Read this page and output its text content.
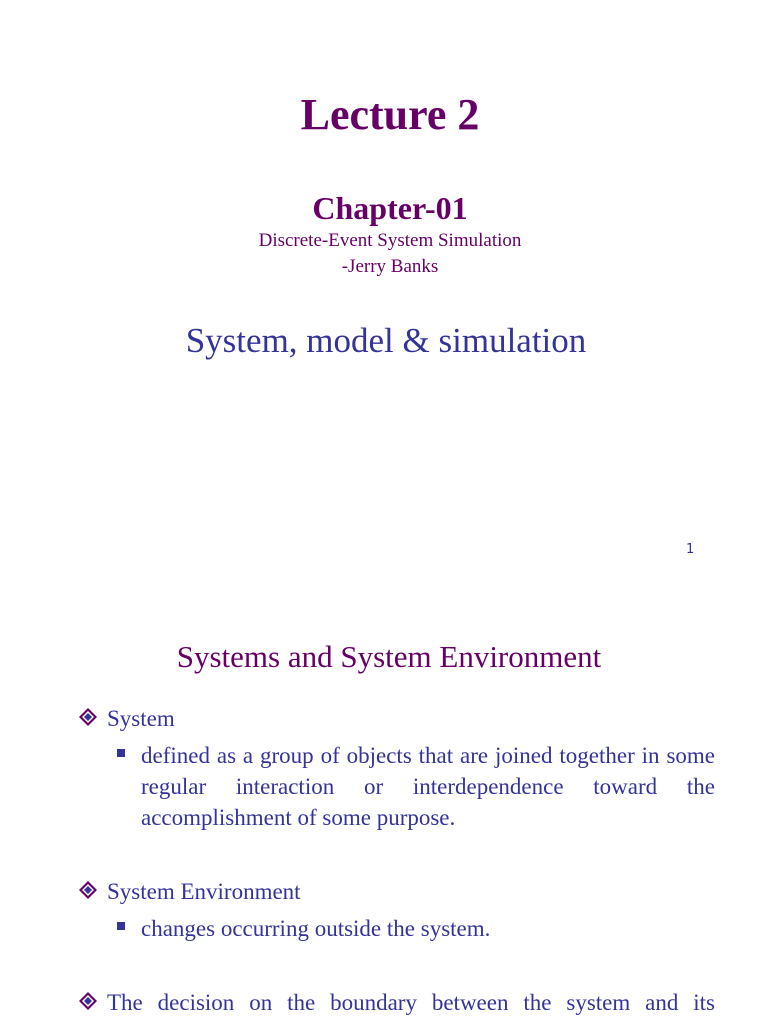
Lecture 2
Chapter-01
Discrete-Event System Simulation
-Jerry Banks
System, model & simulation
1
Systems and System Environment
System
defined as a group of objects that are joined together in some regular interaction or interdependence toward the accomplishment of some purpose.
System Environment
changes occurring outside the system.
The decision on the boundary between the system and its
